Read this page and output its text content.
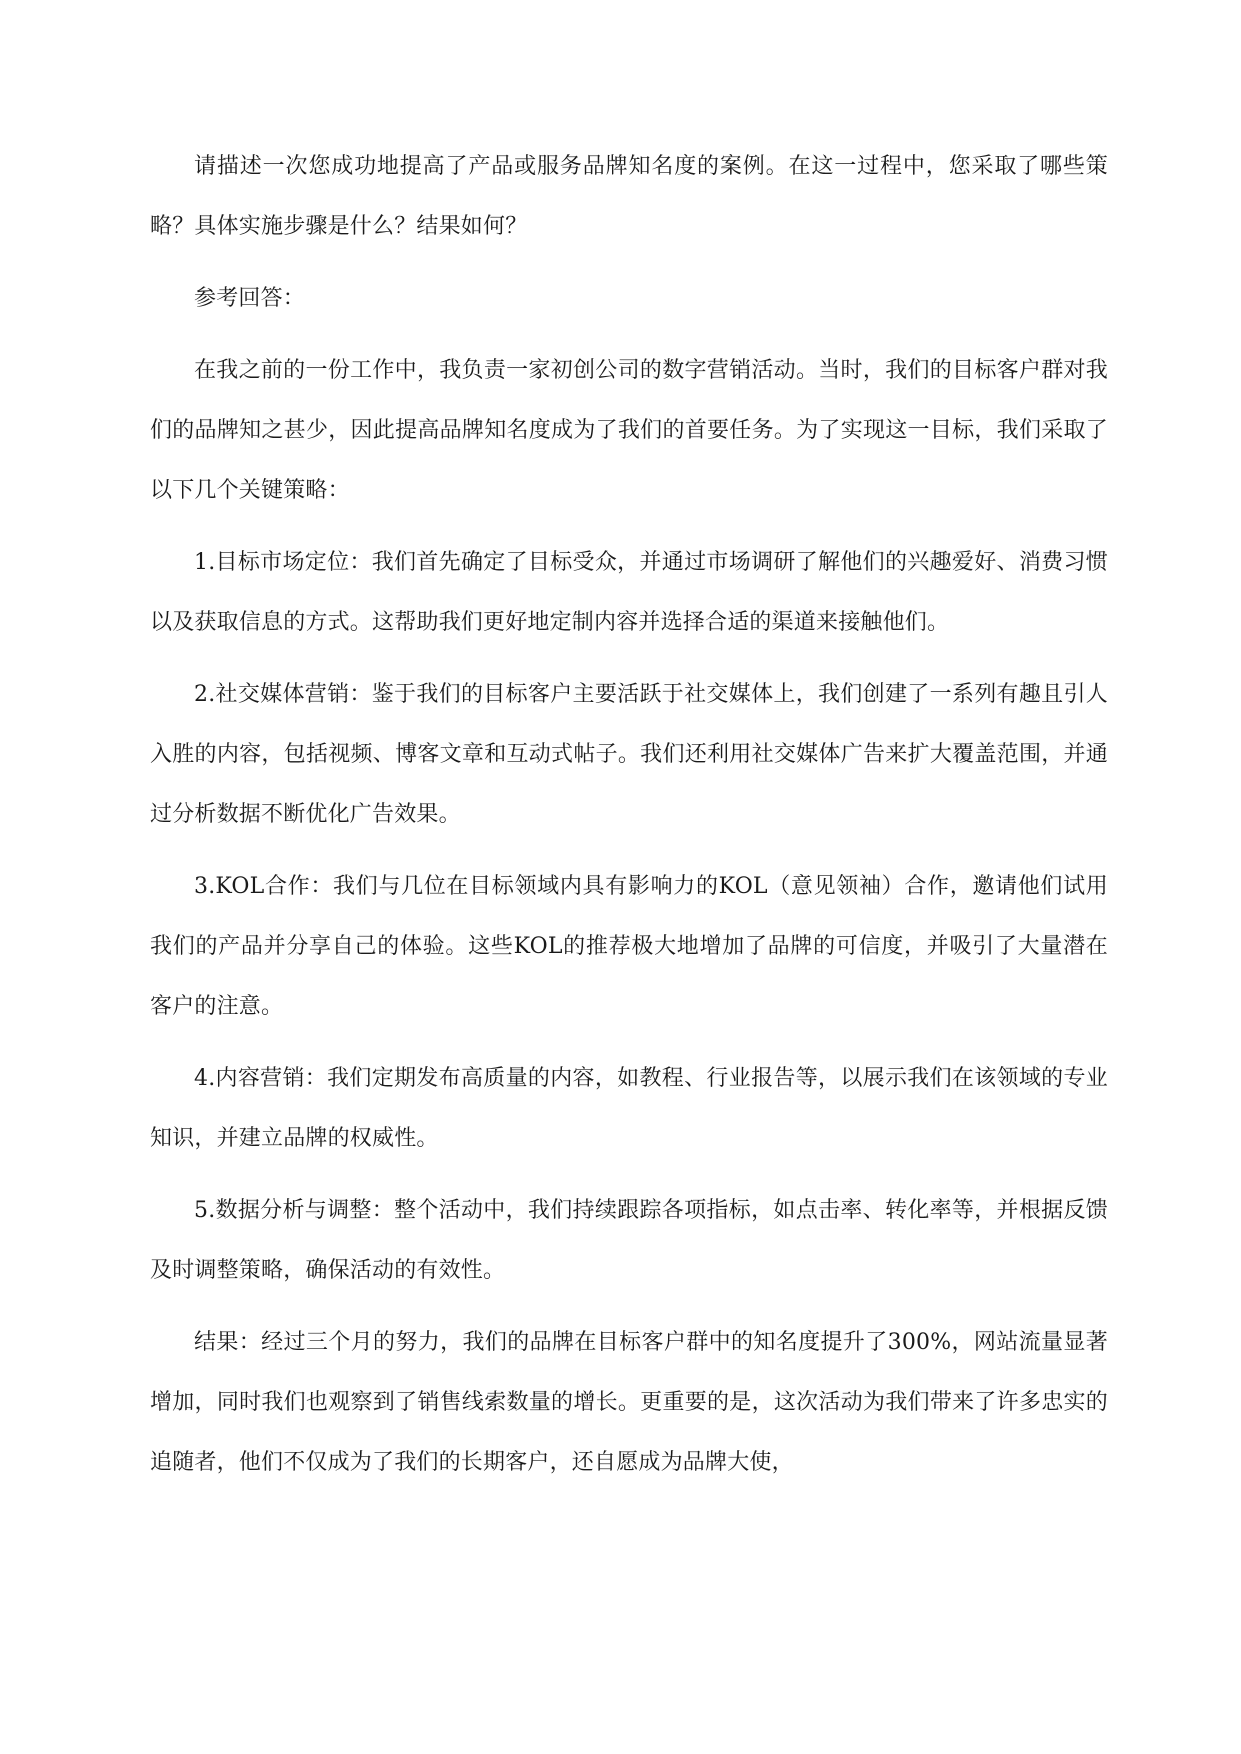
请描述一次您成功地提高了产品或服务品牌知名度的案例。在这一过程中，您采取了哪些策略？具体实施步骤是什么？结果如何？

参考回答：

在我之前的一份工作中，我负责一家初创公司的数字营销活动。当时，我们的目标客户群对我们的品牌知之甚少，因此提高品牌知名度成为了我们的首要任务。为了实现这一目标，我们采取了以下几个关键策略：

1.目标市场定位：我们首先确定了目标受众，并通过市场调研了解他们的兴趣爱好、消费习惯以及获取信息的方式。这帮助我们更好地定制内容并选择合适的渠道来接触他们。

2.社交媒体营销：鉴于我们的目标客户主要活跃于社交媒体上，我们创建了一系列有趣且引人入胜的内容，包括视频、博客文章和互动式帖子。我们还利用社交媒体广告来扩大覆盖范围，并通过分析数据不断优化广告效果。

3.KOL合作：我们与几位在目标领域内具有影响力的KOL（意见领袖）合作，邀请他们试用我们的产品并分享自己的体验。这些KOL的推荐极大地增加了品牌的可信度，并吸引了大量潜在客户的注意。

4.内容营销：我们定期发布高质量的内容，如教程、行业报告等，以展示我们在该领域的专业知识，并建立品牌的权威性。

5.数据分析与调整：整个活动中，我们持续跟踪各项指标，如点击率、转化率等，并根据反馈及时调整策略，确保活动的有效性。

结果：经过三个月的努力，我们的品牌在目标客户群中的知名度提升了300%，网站流量显著增加，同时我们也观察到了销售线索数量的增长。更重要的是，这次活动为我们带来了许多忠实的追随者，他们不仅成为了我们的长期客户，还自愿成为品牌大使，
